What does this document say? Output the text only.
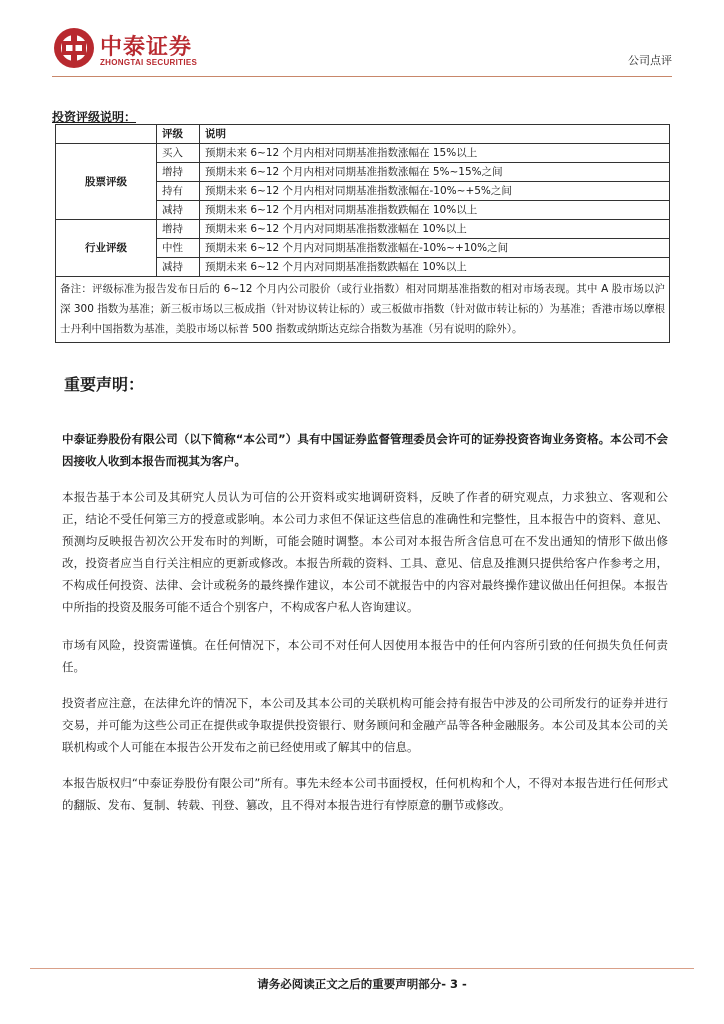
中泰证券
ZHONGTAI SECURITIES	公司点评
投资评级说明：
	评级	说明
股票评级	买入	预期未来 6~12 个月内相对同期基准指数涨幅在 15%以上
	增持	预期未来 6~12 个月内相对同期基准指数涨幅在 5%~15%之间
	持有	预期未来 6~12 个月内相对同期基准指数涨幅在-10%~+5%之间
	减持	预期未来 6~12 个月内相对同期基准指数跌幅在 10%以上
行业评级	增持	预期未来 6~12 个月内对同期基准指数涨幅在 10%以上
	中性	预期未来 6~12 个月内对同期基准指数涨幅在-10%~+10%之间
	减持	预期未来 6~12 个月内对同期基准指数跌幅在 10%以上
备注：评级标准为报告发布日后的 6~12 个月内公司股价（或行业指数）相对同期基准指数的相对市场表现。其中 A 股市场以沪深 300 指数为基准；新三板市场以三板成指（针对协议转让标的）或三板做市指数（针对做市转让标的）为基准；香港市场以摩根士丹利中国指数为基准，美股市场以标普 500 指数或纳斯达克综合指数为基准（另有说明的除外）。		
重要声明：

中泰证券股份有限公司（以下简称“本公司”）具有中国证券监督管理委员会许可的证券投资咨询业务资格。本公司不会因接收人收到本报告而视其为客户。

本报告基于本公司及其研究人员认为可信的公开资料或实地调研资料，反映了作者的研究观点，力求独立、客观和公正，结论不受任何第三方的授意或影响。本公司力求但不保证这些信息的准确性和完整性，且本报告中的资料、意见、预测均反映报告初次公开发布时的判断，可能会随时调整。本公司对本报告所含信息可在不发出通知的情形下做出修改，投资者应当自行关注相应的更新或修改。本报告所载的资料、工具、意见、信息及推测只提供给客户作参考之用，不构成任何投资、法律、会计或税务的最终操作建议，本公司不就报告中的内容对最终操作建议做出任何担保。本报告中所指的投资及服务可能不适合个别客户，不构成客户私人咨询建议。

市场有风险，投资需谨慎。在任何情况下，本公司不对任何人因使用本报告中的任何内容所引致的任何损失负任何责任。

投资者应注意，在法律允许的情况下，本公司及其本公司的关联机构可能会持有报告中涉及的公司所发行的证券并进行交易，并可能为这些公司正在提供或争取提供投资银行、财务顾问和金融产品等各种金融服务。本公司及其本公司的关联机构或个人可能在本报告公开发布之前已经使用或了解其中的信息。

本报告版权归“中泰证券股份有限公司”所有。事先未经本公司书面授权，任何机构和个人，不得对本报告进行任何形式的翻版、发布、复制、转载、刊登、篡改，且不得对本报告进行有悖原意的删节或修改。

请务必阅读正文之后的重要声明部分- 3 -
